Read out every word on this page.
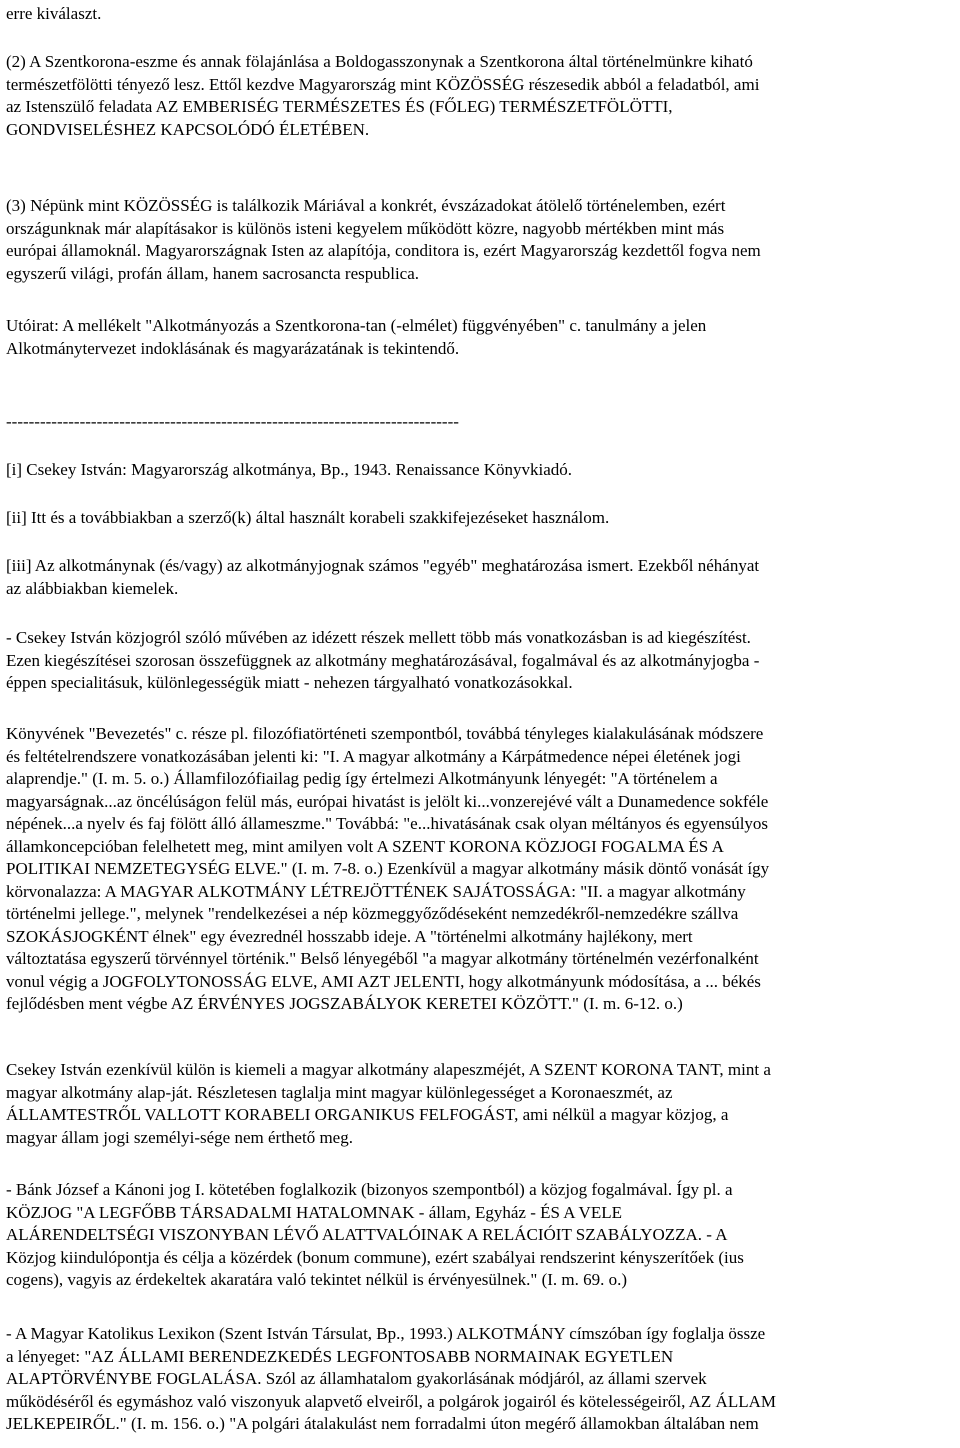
erre kiválaszt.

(2) A Szentkorona-eszme és annak fölajánlása a Boldogasszonynak a Szentkorona által történelmünkre kiható
természetfölötti tényező lesz. Ettől kezdve Magyarország mint KÖZÖSSÉG részesedik abból a feladatból, ami
az Istenszülő feladata AZ EMBERISÉG TERMÉSZETES ÉS (FŐLEG) TERMÉSZETFÖLÖTTI,
GONDVISELÉSHEZ KAPCSOLÓDÓ ÉLETÉBEN.

(3) Népünk mint KÖZÖSSÉG is találkozik Máriával a konkrét, évszázadokat átölelő történelemben, ezért
országunknak már alapításakor is különös isteni kegyelem működött közre, nagyobb mértékben mint más
európai államoknál. Magyarországnak Isten az alapítója, conditora is, ezért Magyarország kezdettől fogva nem
egyszerű világi, profán állam, hanem sacrosancta respublica.

Utóirat: A mellékelt "Alkotmányozás a Szentkorona-tan (-elmélet) függvényében" c. tanulmány a jelen
Alkotmánytervezet indoklásának és magyarázatának is tekintendő.

--------------------------------------------------------------------------------

[i] Csekey István: Magyarország alkotmánya, Bp., 1943. Renaissance Könyvkiadó.

[ii] Itt és a továbbiakban a szerző(k) által használt korabeli szakkifejezéseket használom.

[iii] Az alkotmánynak (és/vagy) az alkotmányjognak számos "egyéb" meghatározása ismert. Ezekből néhányat
az alábbiakban kiemelek.

- Csekey István közjogról szóló művében az idézett részek mellett több más vonatkozásban is ad kiegészítést.
Ezen kiegészítései szorosan összefüggnek az alkotmány meghatározásával, fogalmával és az alkotmányjogba -
éppen specialitásuk, különlegességük miatt - nehezen tárgyalható vonatkozásokkal.

Könyvének "Bevezetés" c. része pl. filozófiatörténeti szempontból, továbbá tényleges kialakulásának módszere
és feltételrendszere vonatkozásában jelenti ki: "I. A magyar alkotmány a Kárpátmedence népei életének jogi
alaprendje." (I. m. 5. o.) Államfilozófiailag pedig így értelmezi Alkotmányunk lényegét: "A történelem a
magyarságnak...az öncélúságon felül más, európai hivatást is jelölt ki...vonzerejévé vált a Dunamedence sokféle
népének...a nyelv és faj fölött álló állameszme." Továbbá: "e...hivatásának csak olyan méltányos és egyensúlyos
államkoncepcióban felelhetett meg, mint amilyen volt A SZENT KORONA KÖZJOGI FOGALMA ÉS A
POLITIKAI NEMZETEGYSÉG ELVE." (I. m. 7-8. o.) Ezenkívül a magyar alkotmány másik döntő vonását így
körvonalazza: A MAGYAR ALKOTMÁNY LÉTREJÖTTÉNEK SAJÁTOSSÁGA: "II. a magyar alkotmány
történelmi jellege.", melynek "rendelkezései a nép közmeggyőződéseként nemzedékről-nemzedékre szállva
SZOKÁSJOGKÉNT élnek" egy évezrednél hosszabb ideje. A "történelmi alkotmány hajlékony, mert
változtatása egyszerű törvénnyel történik." Belső lényegéből "a magyar alkotmány történelmén vezérfonalként
vonul végig a JOGFOLYTONOSSÁG ELVE, AMI AZT JELENTI, hogy alkotmányunk módosítása, a ... békés
fejlődésben ment végbe AZ ÉRVÉNYES JOGSZABÁLYOK KERETEI KÖZÖTT." (I. m. 6-12. o.)

Csekey István ezenkívül külön is kiemeli a magyar alkotmány alapeszméjét, A SZENT KORONA TANT, mint a
magyar alkotmány alap-ját. Részletesen taglalja mint magyar különlegességet a Koronaeszmét, az
ÁLLAMTESTRŐL VALLOTT KORABELI ORGANIKUS FELFOGÁST, ami nélkül a magyar közjog, a
magyar állam jogi személyi-sége nem érthető meg.

- Bánk József a Kánoni jog I. kötetében foglalkozik (bizonyos szempontból) a közjog fogalmával. Így pl. a
KÖZJOG "A LEGFŐBB TÁRSADALMI HATALOMNAK - állam, Egyház - ÉS A VELE
ALÁRENDELTSÉGI VISZONYBAN LÉVŐ ALATTVALÓINAK A RELÁCIÓIT SZABÁLYOZZA. - A
Közjog kiindulópontja és célja a közérdek (bonum commune), ezért szabályai rendszerint kényszerítőek (ius
cogens), vagyis az érdekeltek akaratára való tekintet nélkül is érvényesülnek." (I. m. 69. o.)

- A Magyar Katolikus Lexikon (Szent István Társulat, Bp., 1993.) ALKOTMÁNY címszóban így foglalja össze
a lényeget: "AZ ÁLLAMI BERENDEZKEDÉS LEGFONTOSABB NORMAINAK EGYETLEN
ALAPTÖRVÉNYBE FOGLALÁSA. Szól az államhatalom gyakorlásának módjáról, az állami szervek
működéséről és egymáshoz való viszonyuk alapvető elveiről, a polgárok jogairól és kötelességeiről, AZ ÁLLAM
JELKEPEIRŐL." (I. m. 156. o.) "A polgári átalakulást nem forradalmi úton megérő államokban általában nem
